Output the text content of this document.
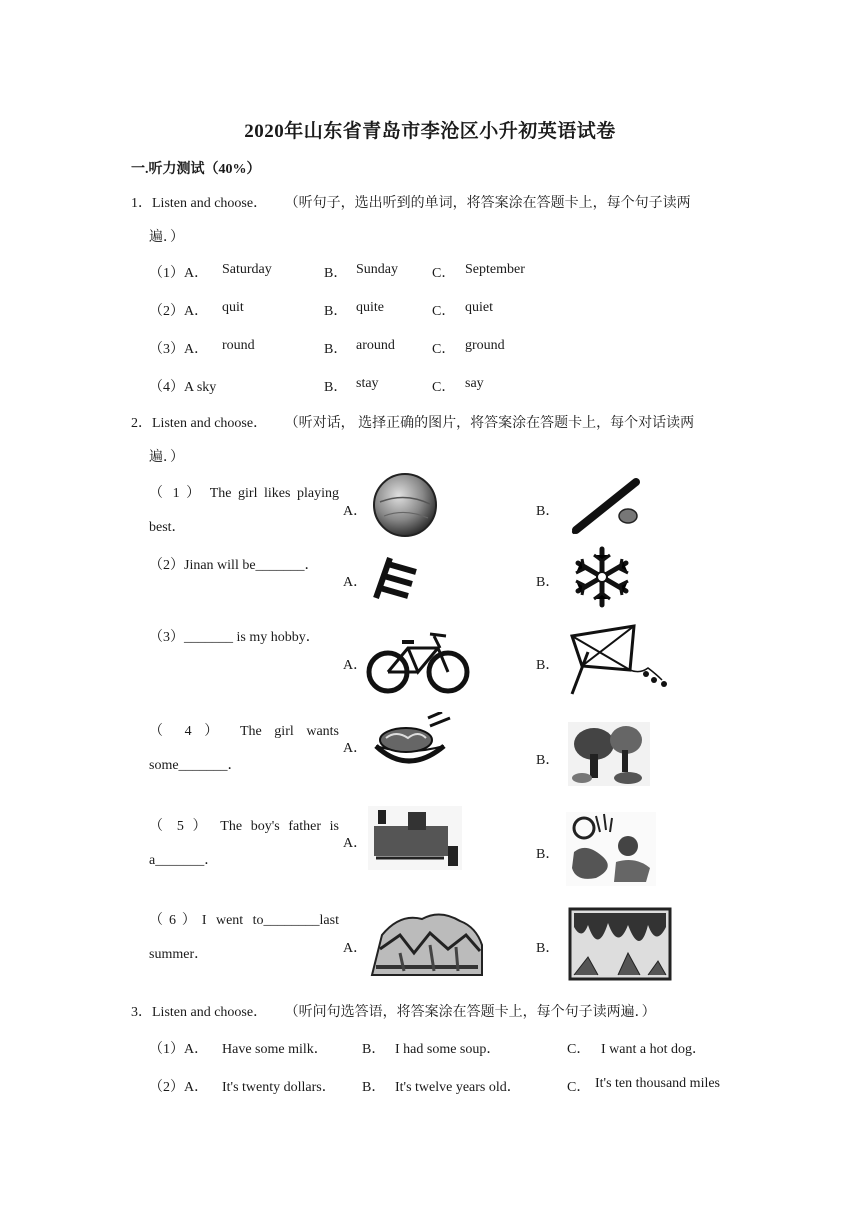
2020年山东省青岛市李沧区小升初英语试卷
一.听力测试（40%）
1．Listen and choose． （听句子，选出听到的单词，将答案涂在答题卡上，每个句子读两
遍．）
（1）A． Saturday	B． Sunday C． September
（2）A． quit	B． quite	C． quiet
（3）A． round	B． around	C． ground
（4）A sky	B． stay	C． say
2．Listen and choose． （听对话， 选择正确的图片，将答案涂在答题卡上，每个对话读两
遍．）
（ 1 ） The girl likes playing
best．
A．	B．
（2）Jinan will be_______．
A．	B．
（3）_______ is my hobby．
A．	B．
（ 4 ） The girl wants
some_______．
A．
B．
（ 5 ） The boy's father is
a_______．
A．
B．
（6）I went to________last
summer．	A．	B．
3．Listen and choose． （听问句选答语，将答案涂在答题卡上，每个句子读两遍．）
（1）A． Have some milk． B． I had some soup．	C． I want a hot dog．
（2）A． It's twenty dollars． B． It's twelve years old．	C． It's ten thousand miles
